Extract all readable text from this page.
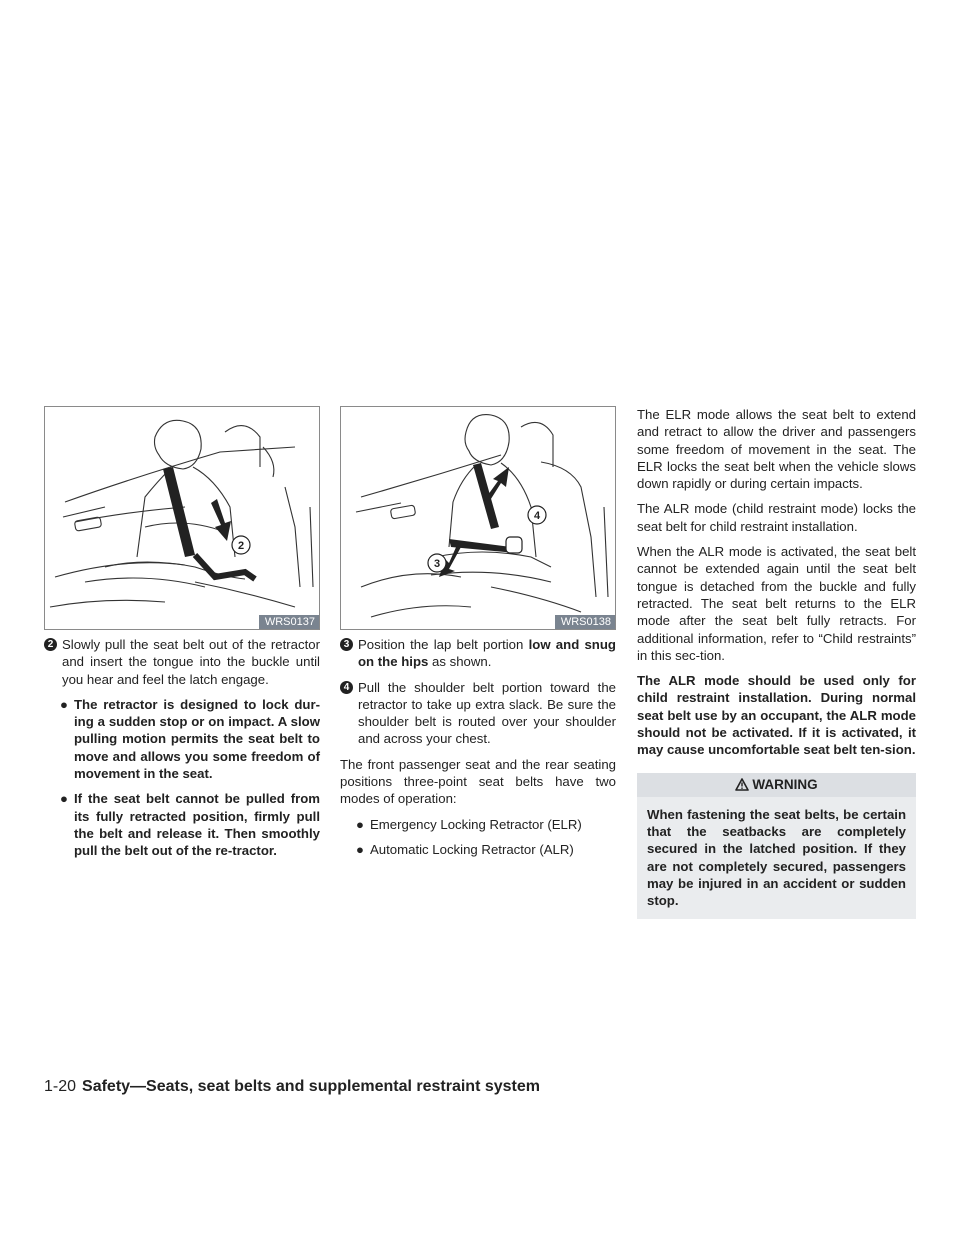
2
WRS0137
2 Slowly pull the seat belt out of the retractor and insert the tongue into the buckle until you hear and feel the latch engage.
● The retractor is designed to lock dur-ing a sudden stop or on impact. A slow pulling motion permits the seat belt to move and allows you some freedom of movement in the seat.
● If the seat belt cannot be pulled from its fully retracted position, firmly pull the belt and release it. Then smoothly pull the belt out of the re-tractor.
4
3
WRS0138
3 Position the lap belt portion low and snug on the hips as shown.
4 Pull the shoulder belt portion toward the retractor to take up extra slack. Be sure the shoulder belt is routed over your shoulder and across your chest.

The front passenger seat and the rear seating positions three-point seat belts have two modes of operation:

● Emergency Locking Retractor (ELR)
● Automatic Locking Retractor (ALR)

The ELR mode allows the seat belt to extend and retract to allow the driver and passengers some freedom of movement in the seat. The ELR locks the seat belt when the vehicle slows down rapidly or during certain impacts.

The ALR mode (child restraint mode) locks the seat belt for child restraint installation.

When the ALR mode is activated, the seat belt cannot be extended again until the seat belt tongue is detached from the buckle and fully retracted. The seat belt returns to the ELR mode after the seat belt fully retracts. For additional information, refer to “Child restraints” in this sec-tion.

The ALR mode should be used only for child restraint installation. During normal seat belt use by an occupant, the ALR mode should not be activated. If it is activated, it may cause uncomfortable seat belt ten-sion.

WARNING
When fastening the seat belts, be certain that the seatbacks are completely secured in the latched position. If they are not completely secured, passengers may be injured in an accident or sudden stop.
1-20 Safety—Seats, seat belts and supplemental restraint system
